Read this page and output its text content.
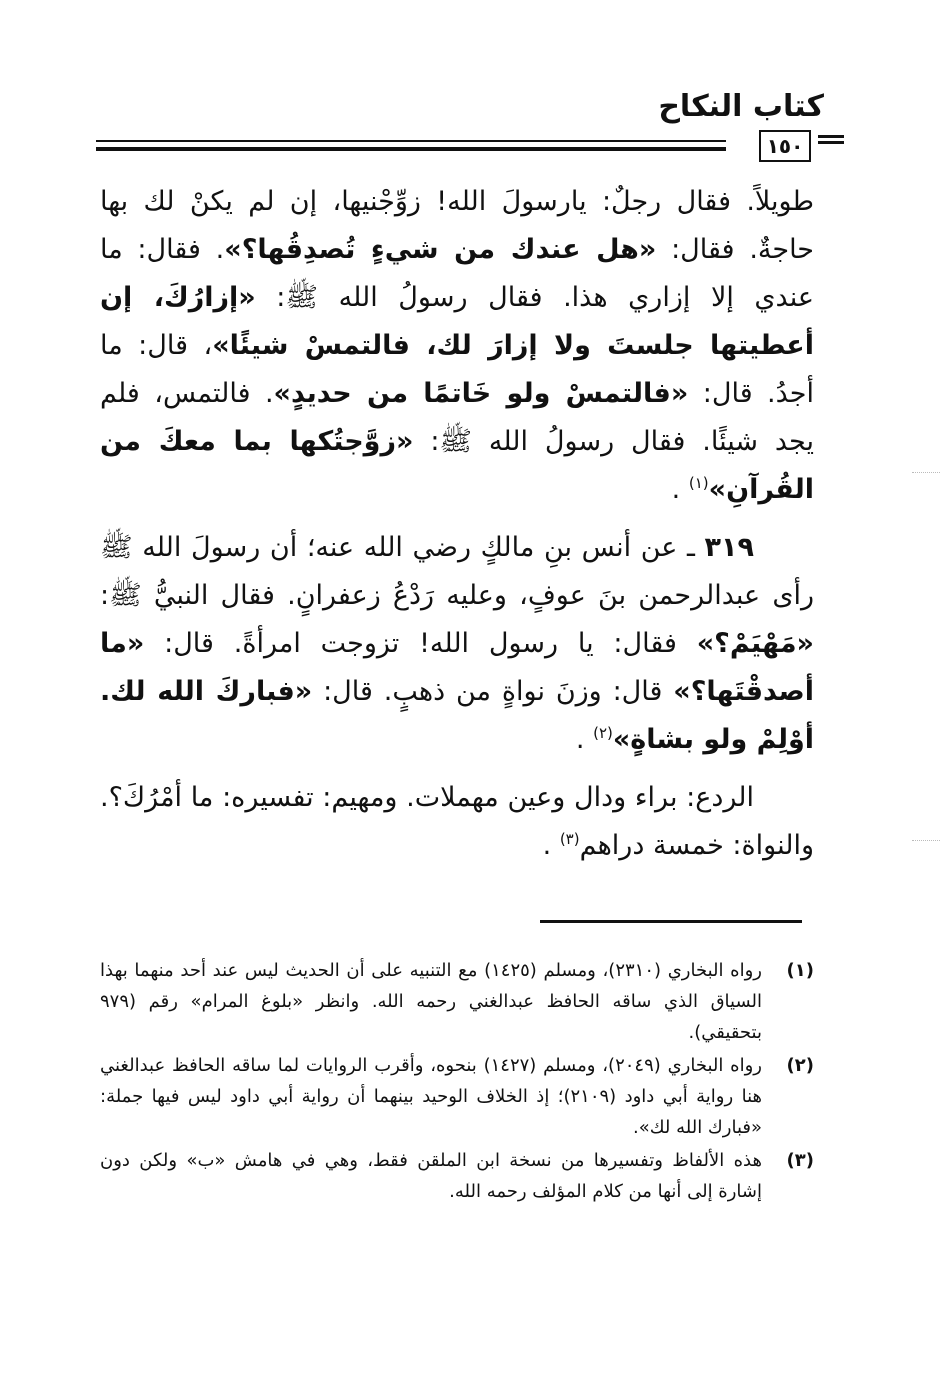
كتاب النكاح
١٥٠

طويلاً. فقال رجلٌ: يارسولَ الله! زوِّجْنيها، إن لم يكنْ لك بها حاجةٌ. فقال: «هل عندك من شيءٍ تُصدِقُها؟». فقال: ما عندي إلا إزاري هذا. فقال رسولُ الله ﷺ: «إزارُكَ، إن أعطيتها جلستَ ولا إزارَ لك، فالتمسْ شيئًا»، قال: ما أجدُ. قال: «فالتمسْ ولو خَاتمًا من حديدٍ». فالتمس، فلم يجد شيئًا. فقال رسولُ الله ﷺ: «زوَّجتُكها بما معكَ من القُرآنِ»$^{(١)}$ .

٣١٩ ـ عن أنس بنِ مالكٍ رضي الله عنه؛ أن رسولَ الله ﷺ رأى عبدالرحمن بنَ عوفٍ، وعليه رَدْعُ زعفرانٍ. فقال النبيُّ ﷺ: «مَهْيَمْ؟» فقال: يا رسول الله! تزوجت امرأةً. قال: «ما أصدقْتَها؟» قال: وزنَ نواةٍ من ذهبٍ. قال: «فباركَ الله لك. أوْلِمْ ولو بشاةٍ»$^{(٢)}$ .

الردع: براء ودال وعين مهملات. ومهيم: تفسيره: ما أمْرُكَ؟. والنواة: خمسة دراهم$^{(٣)}$ .

(١)
رواه البخاري (٢٣١٠)، ومسلم (١٤٢٥) مع التنبيه على أن الحديث ليس عند أحد منهما بهذا السياق الذي ساقه الحافظ عبدالغني رحمه الله. وانظر «بلوغ المرام» رقم (٩٧٩ بتحقيقي).
(٢)
رواه البخاري (٢٠٤٩)، ومسلم (١٤٢٧) بنحوه، وأقرب الروايات لما ساقه الحافظ عبدالغني هنا رواية أبي داود (٢١٠٩)؛ إذ الخلاف الوحيد بينهما أن رواية أبي داود ليس فيها جملة: «فبارك الله لك».
(٣)
هذه الألفاظ وتفسيرها من نسخة ابن الملقن فقط، وهي في هامش «ب» ولكن دون إشارة إلى أنها من كلام المؤلف رحمه الله.
